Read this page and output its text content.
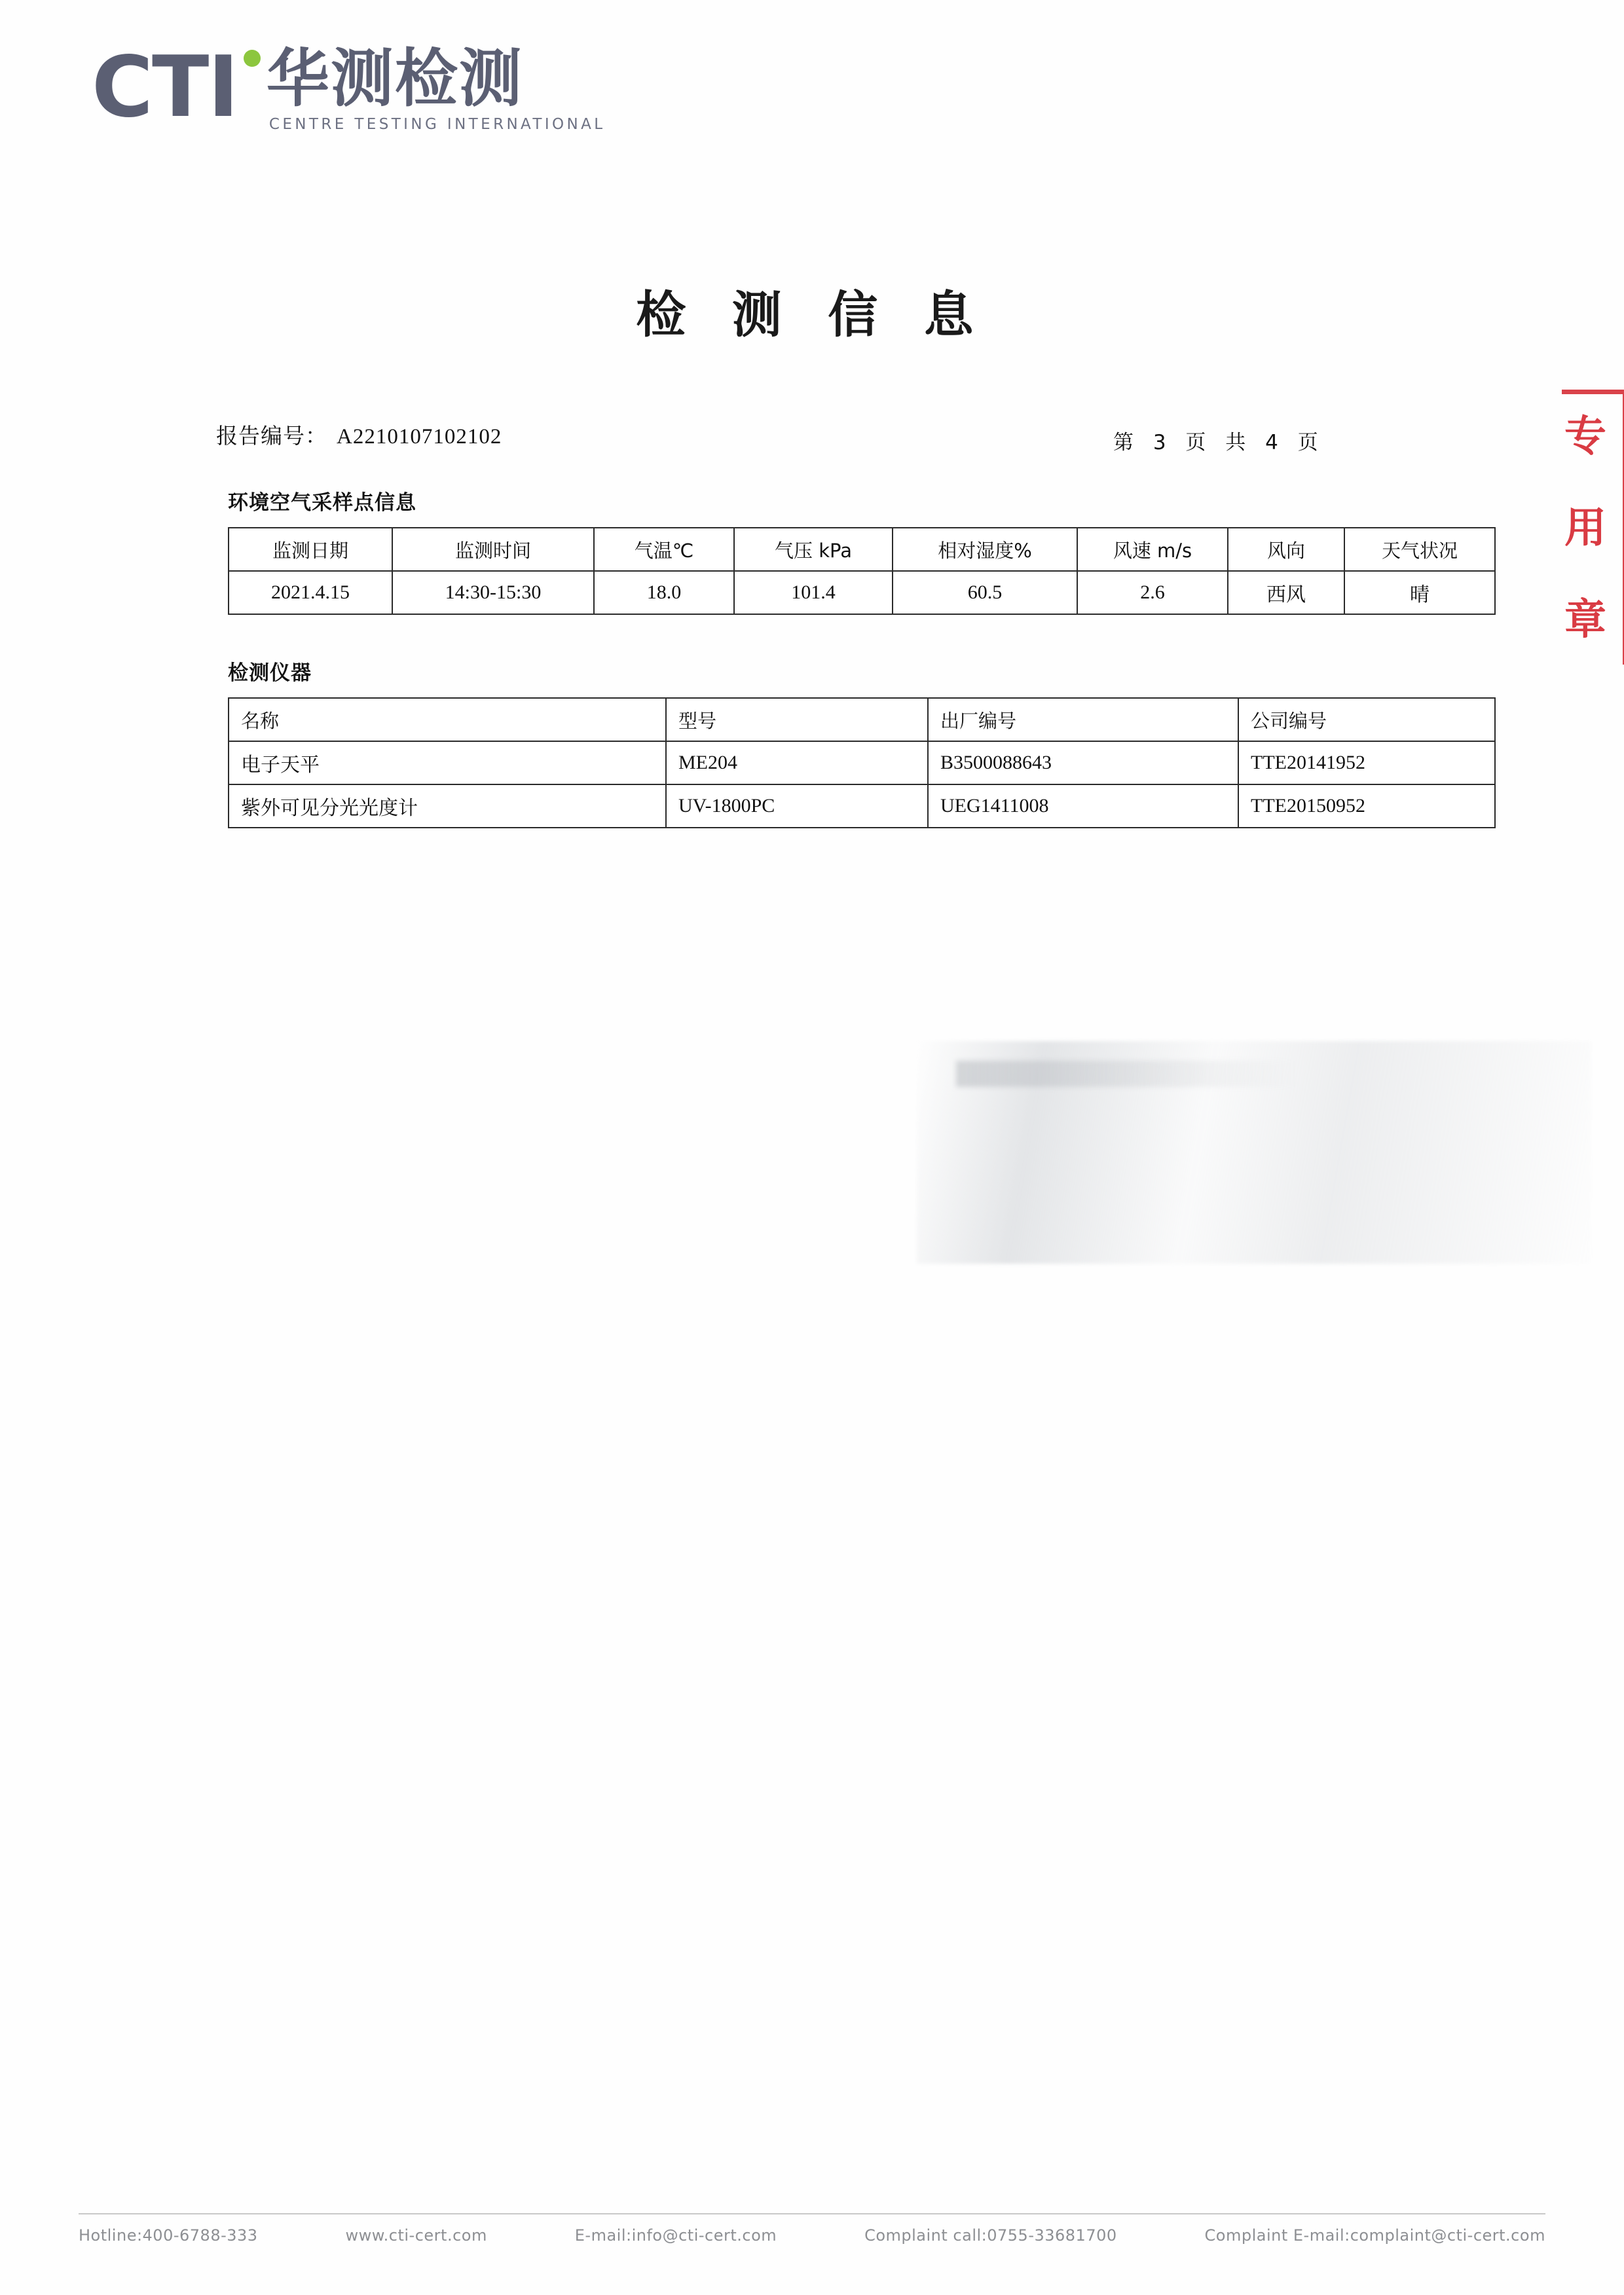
CTI 华测检测
CENTRE TESTING INTERNATIONAL
检 测 信 息
报告编号： A2210107102102	第 3 页 共 4 页	专
用
章
环境空气采样点信息
监测日期	监测时间	气温℃	气压 kPa	相对湿度%	风速 m/s	风向	天气状况
2021.4.15	14:30-15:30	18.0	101.4	60.5	2.6	西风	晴
检测仪器
名称	型号	出厂编号	公司编号
电子天平	ME204	B3500088643	TTE20141952
紫外可见分光光度计	UV-1800PC	UEG1411008	TTE20150952
Hotline:400-6788-333	www.cti-cert.com	E-mail:info@cti-cert.com	Complaint call:0755-33681700	Complaint E-mail:complaint@cti-cert.com
